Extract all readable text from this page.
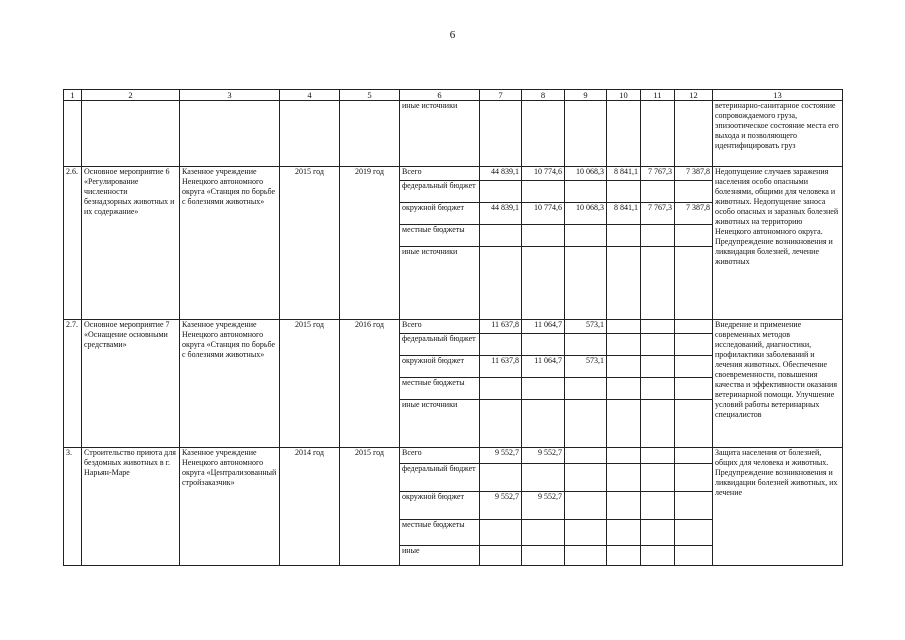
6
1	2	3	4	5	6	7	8	9	10	11	12	13
					иные источники							ветеринарно-санитарное состояние сопровождаемого груза, эпизоотическое состояние места его выхода и позволяющего идентифицировать груз
2.6.	Основное мероприятие 6 «Регулирование численности безнадзорных животных и их содержание»	Казенное учреждение Ненецкого автономного округа «Станция по борьбе с болезнями животных»	2015 год	2019 год	Всего	44 839,1	10 774,6	10 068,3	8 841,1	7 767,3	7 387,8	Недопущение случаев заражения населения особо опасными болезнями, общими для человека и животных. Недопущение заноса особо опасных и заразных болезней животных на территорию Ненецкого автономного округа. Предупреждение возникновения и ликвидация болезней, лечение животных
					федеральный бюджет							
					окружной бюджет	44 839,1	10 774,6	10 068,3	8 841,1	7 767,3	7 387,8	
					местные бюджеты							
					иные источники							
2.7.	Основное мероприятие 7 «Оснащение основными средствами»	Казенное учреждение Ненецкого автономного округа «Станция по борьбе с болезнями животных»	2015 год	2016 год	Всего	11 637,8	11 064,7	573,1				Внедрение и применение современных методов исследований, диагностики, профилактики заболеваний и лечения животных. Обеспечение своевременности, повышения качества и эффективности оказания ветеринарной помощи. Улучшение условий работы ветеринарных специалистов
					федеральный бюджет							
					окружной бюджет	11 637,8	11 064,7	573,1				
					местные бюджеты							
					иные источники							
3.	Строительство приюта для бездомных животных в г. Нарьян-Маре	Казенное учреждение Ненецкого автономного округа «Централизованный стройзаказчик»	2014 год	2015 год	Всего	9 552,7	9 552,7					Защита населения от болезней, общих для человека и животных. Предупреждение возникновения и ликвидации болезней животных, их лечение
					федеральный бюджет							
					окружной бюджет	9 552,7	9 552,7					
					местные бюджеты							
					иные							
